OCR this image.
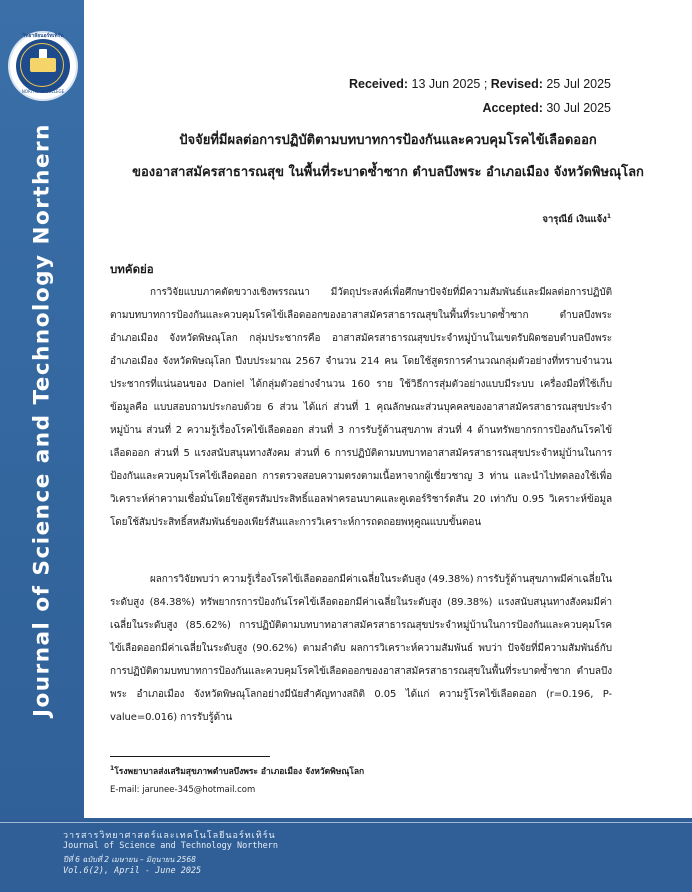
วิทยาลัยนอร์ทเทิร์น
NORTHERN COLLEGE
Journal of Science and Technology Northern
Received: 13 Jun 2025 ; Revised: 25 Jul 2025
Accepted: 30 Jul 2025
ปัจจัยที่มีผลต่อการปฏิบัติตามบทบาทการป้องกันและควบคุมโรคไข้เลือดออก
ของอาสาสมัครสาธารณสุข ในพื้นที่ระบาดซ้ำซาก ตำบลบึงพระ อำเภอเมือง จังหวัดพิษณุโลก
จารุณีย์ เงินแจ้ง$^1$
บทคัดย่อ
การวิจัยแบบภาคตัดขวางเชิงพรรณนา มีวัตถุประสงค์เพื่อศึกษาปัจจัยที่มีความสัมพันธ์และมีผลต่อการปฏิบัติตามบทบาทการป้องกันและควบคุมโรคไข้เลือดออกของอาสาสมัครสาธารณสุขในพื้นที่ระบาดซ้ำซาก ตำบลบึงพระ อำเภอเมือง จังหวัดพิษณุโลก กลุ่มประชากรคือ อาสาสมัครสาธารณสุขประจำหมู่บ้านในเขตรับผิดชอบตำบลบึงพระ อำเภอเมือง จังหวัดพิษณุโลก ปีงบประมาณ 2567 จำนวน 214 คน โดยใช้สูตรการคำนวณกลุ่มตัวอย่างที่ทราบจำนวนประชากรที่แน่นอนของ Daniel ได้กลุ่มตัวอย่างจำนวน 160 ราย ใช้วิธีการสุ่มตัวอย่างแบบมีระบบ เครื่องมือที่ใช้เก็บข้อมูลคือ แบบสอบถามประกอบด้วย 6 ส่วน ได้แก่ ส่วนที่ 1 คุณลักษณะส่วนบุคคลของอาสาสมัครสาธารณสุขประจำหมู่บ้าน ส่วนที่ 2 ความรู้เรื่องโรคไข้เลือดออก ส่วนที่ 3 การรับรู้ด้านสุขภาพ ส่วนที่ 4 ด้านทรัพยากรการป้องกันโรคไข้เลือดออก ส่วนที่ 5 แรงสนับสนุนทางสังคม ส่วนที่ 6 การปฏิบัติตามบทบาทอาสาสมัครสาธารณสุขประจำหมู่บ้านในการป้องกันและควบคุมโรคไข้เลือดออก การตรวจสอบความตรงตามเนื้อหาจากผู้เชี่ยวชาญ 3 ท่าน และนำไปทดลองใช้เพื่อวิเคราะห์ค่าความเชื่อมั่นโดยใช้สูตรสัมประสิทธิ์แอลฟาครอนบาคและคูเดอร์ริชาร์ดสัน 20 เท่ากับ 0.95 วิเคราะห์ข้อมูลโดยใช้สัมประสิทธิ์สหสัมพันธ์ของเพียร์สันและการวิเคราะห์การถดถอยพหุคูณแบบขั้นตอน
ผลการวิจัยพบว่า ความรู้เรื่องโรคไข้เลือดออกมีค่าเฉลี่ยในระดับสูง (49.38%) การรับรู้ด้านสุขภาพมีค่าเฉลี่ยในระดับสูง (84.38%) ทรัพยากรการป้องกันโรคไข้เลือดออกมีค่าเฉลี่ยในระดับสูง (89.38%) แรงสนับสนุนทางสังคมมีค่าเฉลี่ยในระดับสูง (85.62%) การปฏิบัติตามบทบาทอาสาสมัครสาธารณสุขประจำหมู่บ้านในการป้องกันและควบคุมโรคไข้เลือดออกมีค่าเฉลี่ยในระดับสูง (90.62%) ตามลำดับ ผลการวิเคราะห์ความสัมพันธ์ พบว่า ปัจจัยที่มีความสัมพันธ์กับการปฏิบัติตามบทบาทการป้องกันและควบคุมโรคไข้เลือดออกของอาสาสมัครสาธารณสุขในพื้นที่ระบาดซ้ำซาก ตำบลบึงพระ อำเภอเมือง จังหวัดพิษณุโลกอย่างมีนัยสำคัญทางสถิติ 0.05 ได้แก่ ความรู้โรคไข้เลือดออก (r=0.196, P-value=0.016) การรับรู้ด้าน
$^1$โรงพยาบาลส่งเสริมสุขภาพตำบลบึงพระ อำเภอเมือง จังหวัดพิษณุโลก
E-mail: jarunee-345@hotmail.com
วารสารวิทยาศาสตร์และเทคโนโลยีนอร์ทเทิร์น
Journal of Science and Technology Northern
ปีที่ 6 ฉบับที่ 2 เมษายน – มิถุนายน 2568
Vol.6(2), April - June 2025
